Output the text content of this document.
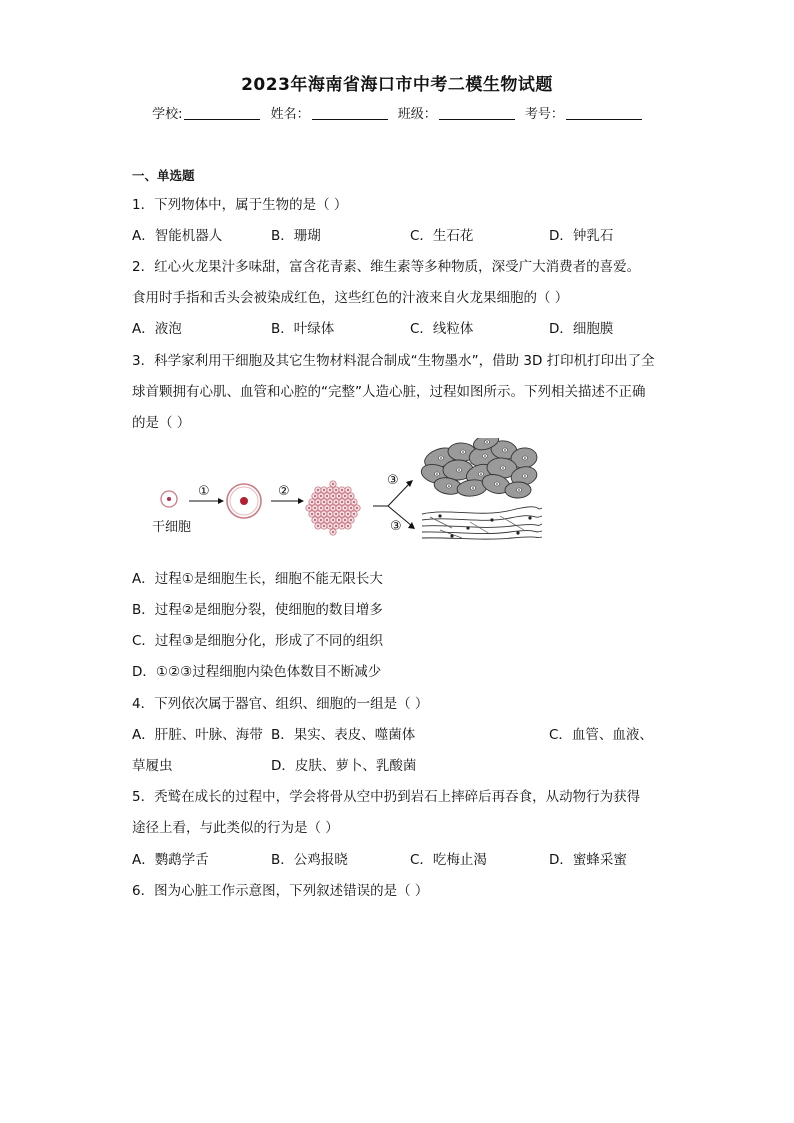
2023年海南省海口市中考二模生物试题
学校:	姓名：	班级：	考号：
一、单选题
1．下列物体中，属于生物的是（ ）
A．智能机器人	B．珊瑚	C．生石花	D．钟乳石
2．红心火龙果汁多味甜，富含花青素、维生素等多种物质，深受广大消费者的喜爱。
食用时手指和舌头会被染成红色，这些红色的汁液来自火龙果细胞的（ ）
A．液泡	B．叶绿体	C．线粒体	D．细胞膜
3．科学家利用干细胞及其它生物材料混合制成“生物墨水”，借助 3D 打印机打印出了全
球首颗拥有心肌、血管和心腔的“完整”人造心脏，过程如图所示。下列相关描述不正确
的是（ ）
干细胞
①	②
③
③
A．过程①是细胞生长，细胞不能无限长大
B．过程②是细胞分裂，使细胞的数目增多
C．过程③是细胞分化，形成了不同的组织
D．①②③过程细胞内染色体数目不断减少
4．下列依次属于器官、组织、细胞的一组是（ ）
A．肝脏、叶脉、海带 B．果实、表皮、噬菌体	C．血管、血液、
草履虫	D．皮肤、萝卜、乳酸菌
5．秃鹫在成长的过程中，学会将骨从空中扔到岩石上摔碎后再吞食，从动物行为获得
途径上看，与此类似的行为是（ ）
A．鹦鹉学舌	B．公鸡报晓	C．吃梅止渴	D．蜜蜂采蜜
6．图为心脏工作示意图，下列叙述错误的是（ ）
